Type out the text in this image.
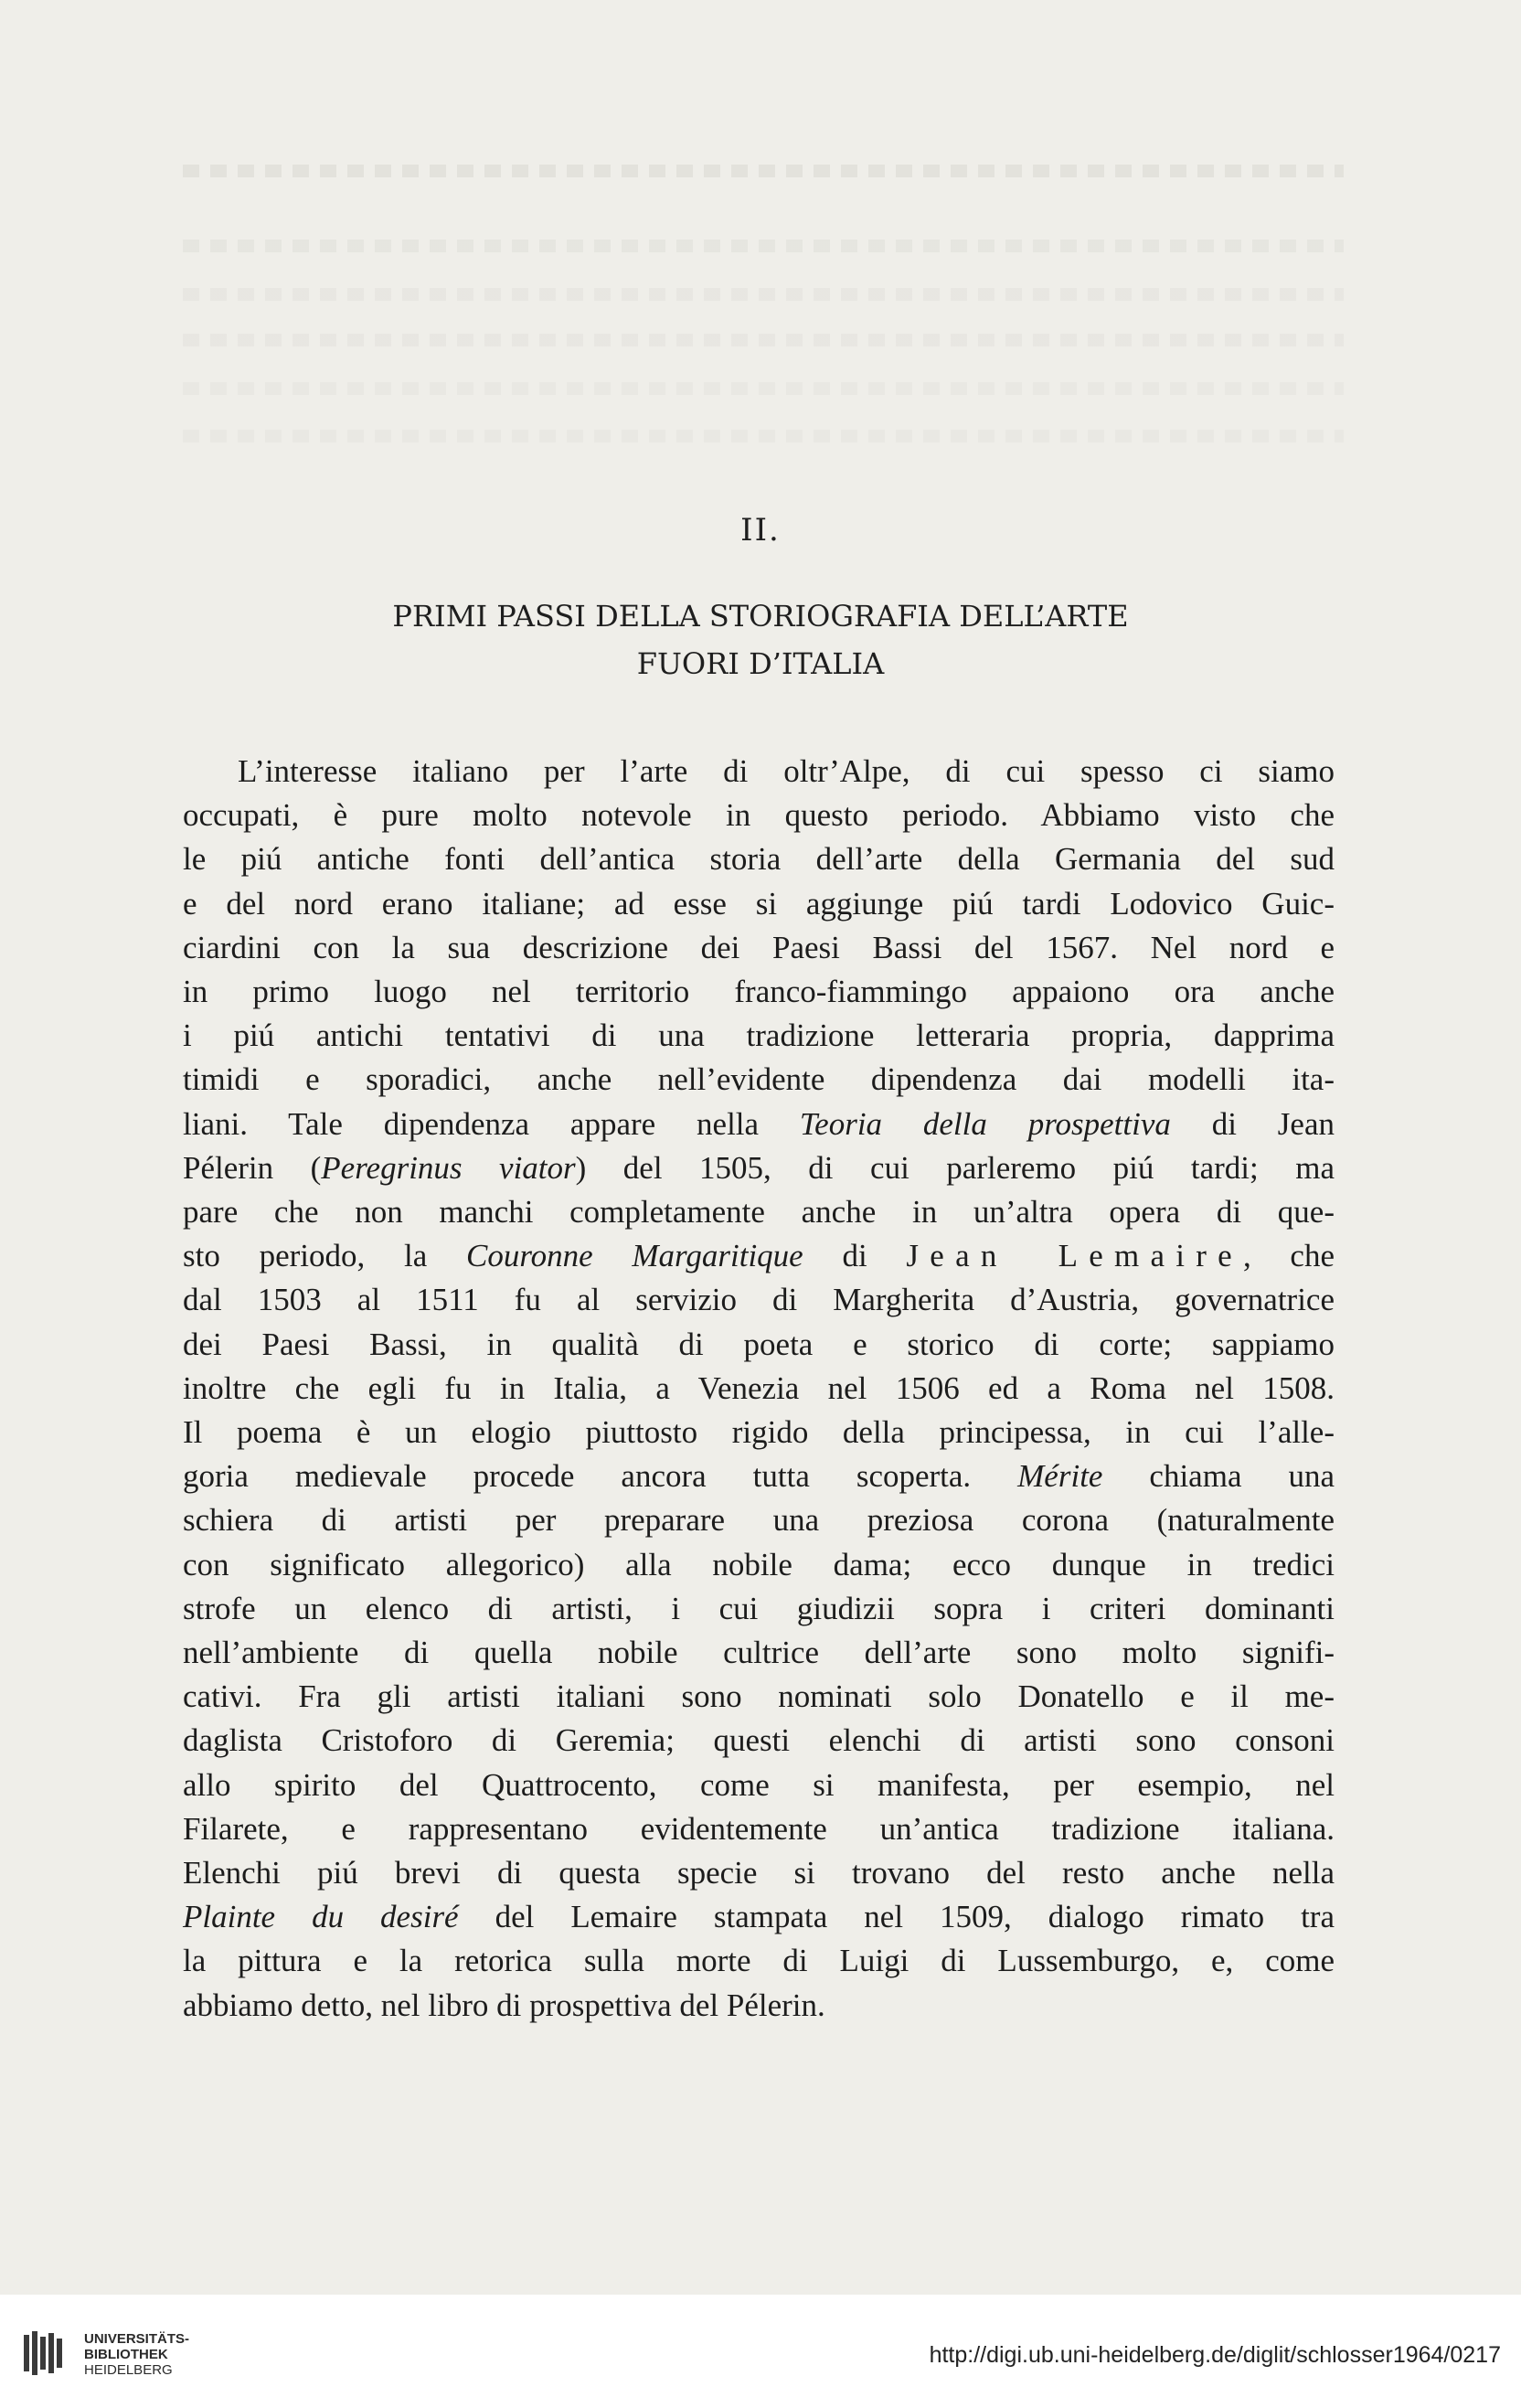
II.
PRIMI PASSI DELLA STORIOGRAFIA DELL’ARTE
FUORI D’ITALIA

L’interesse italiano per l’arte di oltr’Alpe, di cui spesso ci siamo

occupati, è pure molto notevole in questo periodo. Abbiamo visto che

le piú antiche fonti dell’antica storia dell’arte della Germania del sud

e del nord erano italiane; ad esse si aggiunge piú tardi Lodovico Guic-

ciardini con la sua descrizione dei Paesi Bassi del 1567. Nel nord e

in primo luogo nel territorio franco-fiammingo appaiono ora anche

i piú antichi tentativi di una tradizione letteraria propria, dapprima

timidi e sporadici, anche nell’evidente dipendenza dai modelli ita-

liani. Tale dipendenza appare nella Teoria della prospettiva di Jean

Pélerin (Peregrinus viator) del 1505, di cui parleremo piú tardi; ma

pare che non manchi completamente anche in un’altra opera di que-

sto periodo, la Couronne Margaritique di Jean Lemaire, che

dal 1503 al 1511 fu al servizio di Margherita d’Austria, governatrice

dei Paesi Bassi, in qualità di poeta e storico di corte; sappiamo

inoltre che egli fu in Italia, a Venezia nel 1506 ed a Roma nel 1508.

Il poema è un elogio piuttosto rigido della principessa, in cui l’alle-

goria medievale procede ancora tutta scoperta. Mérite chiama una

schiera di artisti per preparare una preziosa corona (naturalmente

con significato allegorico) alla nobile dama; ecco dunque in tredici

strofe un elenco di artisti, i cui giudizii sopra i criteri dominanti

nell’ambiente di quella nobile cultrice dell’arte sono molto signifi-

cativi. Fra gli artisti italiani sono nominati solo Donatello e il me-

daglista Cristoforo di Geremia; questi elenchi di artisti sono consoni

allo spirito del Quattrocento, come si manifesta, per esempio, nel

Filarete, e rappresentano evidentemente un’antica tradizione italiana.

Elenchi piú brevi di questa specie si trovano del resto anche nella

Plainte du desiré del Lemaire stampata nel 1509, dialogo rimato tra

la pittura e la retorica sulla morte di Luigi di Lussemburgo, e, come

abbiamo detto, nel libro di prospettiva del Pélerin.

UNIVERSITÄTS-
BIBLIOTHEK
HEIDELBERG
http://digi.ub.uni-heidelberg.de/diglit/schlosser1964/0217
